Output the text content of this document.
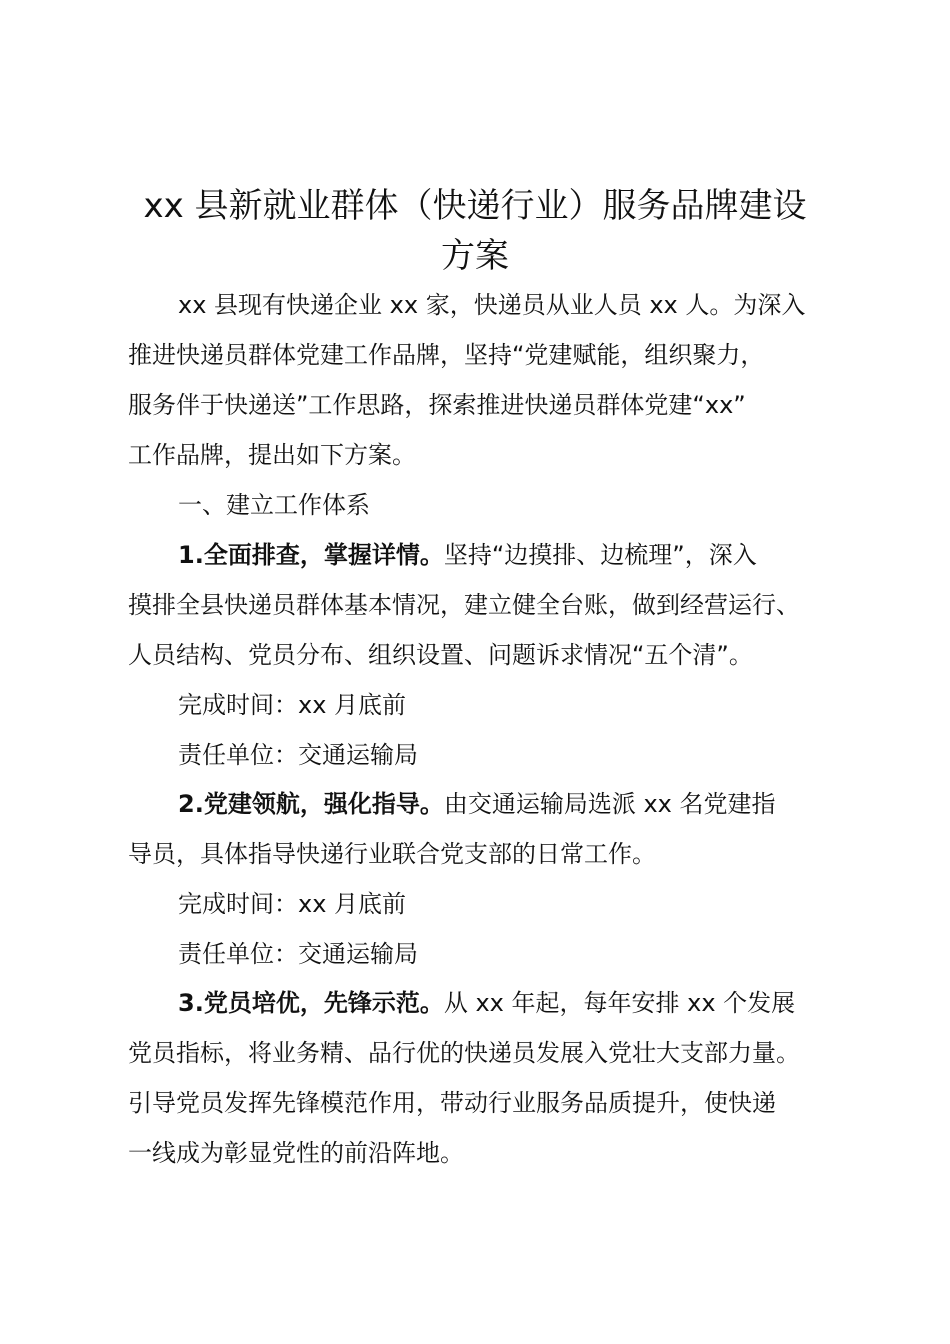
xx 县新就业群体（快递行业）服务品牌建设
方案

xx 县现有快递企业 xx 家，快递员从业人员 xx 人。为深入

推进快递员群体党建工作品牌，坚持“党建赋能，组织聚力，

服务伴于快递送”工作思路，探索推进快递员群体党建“xx”

工作品牌，提出如下方案。

一、建立工作体系

1.全面排查，掌握详情。坚持“边摸排、边梳理”，深入

摸排全县快递员群体基本情况，建立健全台账，做到经营运行、

人员结构、党员分布、组织设置、问题诉求情况“五个清”。

完成时间：xx 月底前

责任单位：交通运输局

2.党建领航，强化指导。由交通运输局选派 xx 名党建指

导员，具体指导快递行业联合党支部的日常工作。

完成时间：xx 月底前

责任单位：交通运输局

3.党员培优，先锋示范。从 xx 年起，每年安排 xx 个发展

党员指标，将业务精、品行优的快递员发展入党壮大支部力量。

引导党员发挥先锋模范作用，带动行业服务品质提升，使快递

一线成为彰显党性的前沿阵地。
